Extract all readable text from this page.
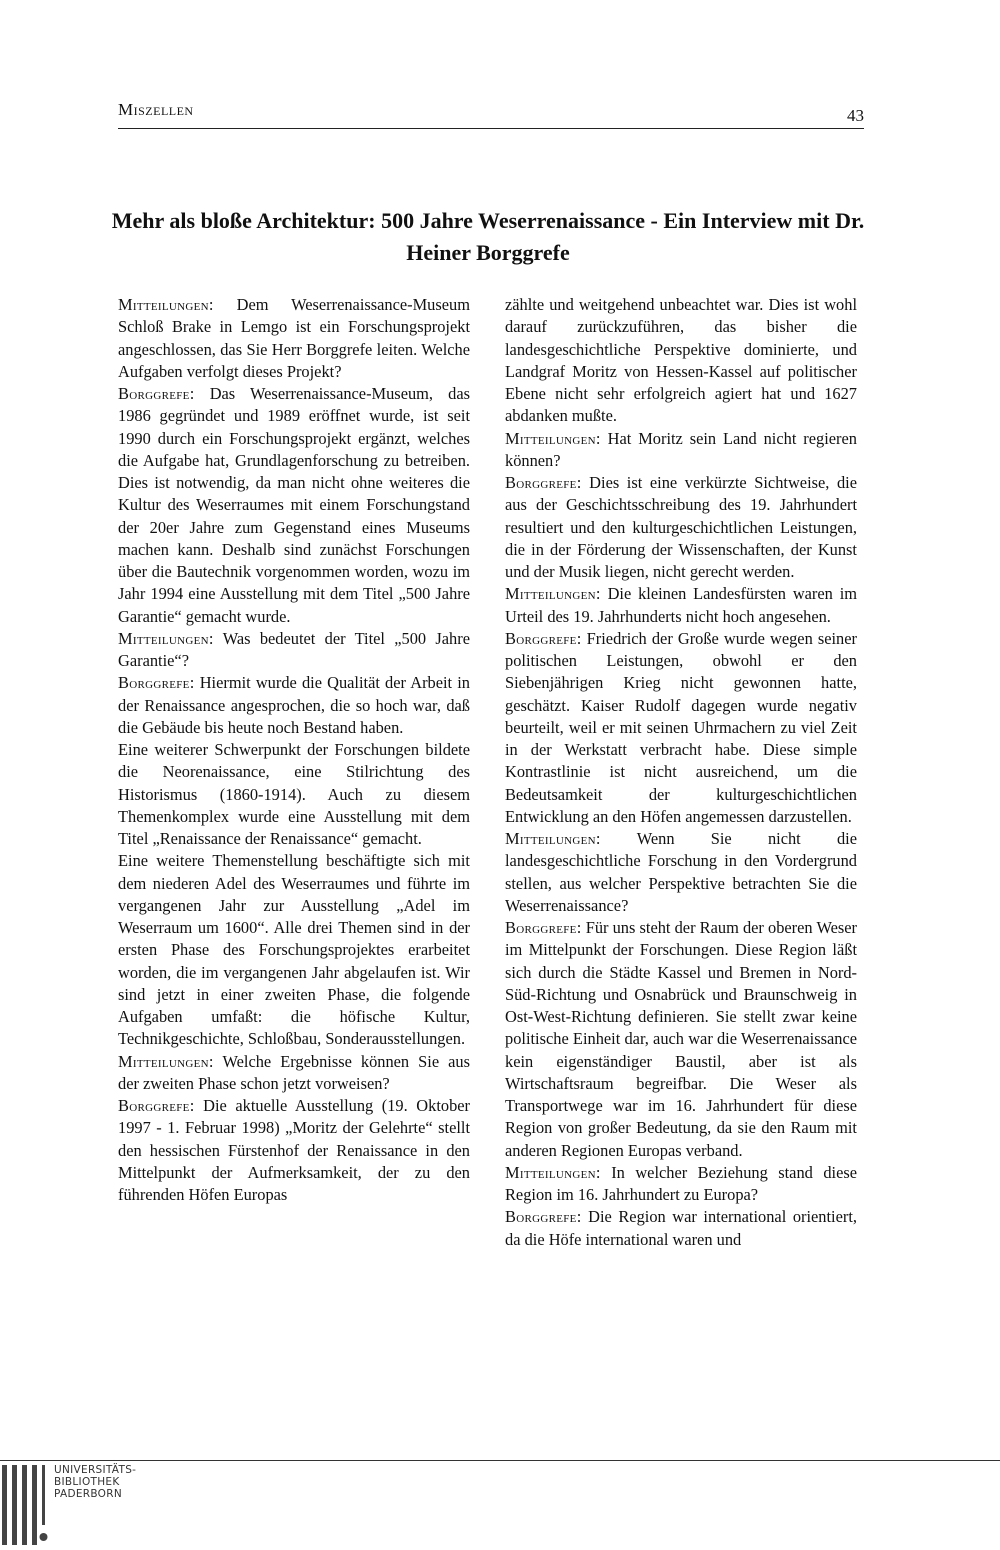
Miszellen	43
Mehr als bloße Architektur: 500 Jahre Weserrenaissance - Ein Interview mit Dr. Heiner Borggrefe

Mitteilungen: Dem Weserrenaissance-Museum Schloß Brake in Lemgo ist ein Forschungsprojekt angeschlossen, das Sie Herr Borggrefe leiten. Welche Aufgaben verfolgt dieses Projekt?

Borggrefe: Das Weserrenaissance-Museum, das 1986 gegründet und 1989 eröffnet wurde, ist seit 1990 durch ein Forschungsprojekt ergänzt, welches die Aufgabe hat, Grundlagenforschung zu betreiben. Dies ist notwendig, da man nicht ohne weiteres die Kultur des Weserraumes mit einem Forschungstand der 20er Jahre zum Gegenstand eines Museums machen kann. Deshalb sind zunächst Forschungen über die Bautechnik vorgenommen worden, wozu im Jahr 1994 eine Ausstellung mit dem Titel „500 Jahre Garantie“ gemacht wurde.

Mitteilungen: Was bedeutet der Titel „500 Jahre Garantie“?

Borggrefe: Hiermit wurde die Qualität der Arbeit in der Renaissance angesprochen, die so hoch war, daß die Gebäude bis heute noch Bestand haben.

Eine weiterer Schwerpunkt der Forschungen bildete die Neorenaissance, eine Stilrichtung des Historismus (1860-1914). Auch zu diesem Themenkomplex wurde eine Ausstellung mit dem Titel „Renaissance der Renaissance“ gemacht.

Eine weitere Themenstellung beschäftigte sich mit dem niederen Adel des Weserraumes und führte im vergangenen Jahr zur Ausstellung „Adel im Weserraum um 1600“. Alle drei Themen sind in der ersten Phase des Forschungsprojektes erarbeitet worden, die im vergangenen Jahr abgelaufen ist. Wir sind jetzt in einer zweiten Phase, die folgende Aufgaben umfaßt: die höfische Kultur, Technikgeschichte, Schloßbau, Sonderausstellungen.

Mitteilungen: Welche Ergebnisse können Sie aus der zweiten Phase schon jetzt vorweisen?

Borggrefe: Die aktuelle Ausstellung (19. Oktober 1997 - 1. Februar 1998) „Moritz der Gelehrte“ stellt den hessischen Fürstenhof der Renaissance in den Mittelpunkt der Aufmerksamkeit, der zu den führenden Höfen Europas

zählte und weitgehend unbeachtet war. Dies ist wohl darauf zurückzuführen, das bisher die landesgeschichtliche Perspektive dominierte, und Landgraf Moritz von Hessen-Kassel auf politischer Ebene nicht sehr erfolgreich agiert hat und 1627 abdanken mußte.

Mitteilungen: Hat Moritz sein Land nicht regieren können?

Borggrefe: Dies ist eine verkürzte Sichtweise, die aus der Geschichtsschreibung des 19. Jahrhundert resultiert und den kulturgeschichtlichen Leistungen, die in der Förderung der Wissenschaften, der Kunst und der Musik liegen, nicht gerecht werden.

Mitteilungen: Die kleinen Landesfürsten waren im Urteil des 19. Jahrhunderts nicht hoch angesehen.

Borggrefe: Friedrich der Große wurde wegen seiner politischen Leistungen, obwohl er den Siebenjährigen Krieg nicht gewonnen hatte, geschätzt. Kaiser Rudolf dagegen wurde negativ beurteilt, weil er mit seinen Uhrmachern zu viel Zeit in der Werkstatt verbracht habe. Diese simple Kontrastlinie ist nicht ausreichend, um die Bedeutsamkeit der kulturgeschichtlichen Entwicklung an den Höfen angemessen darzustellen.

Mitteilungen: Wenn Sie nicht die landesgeschichtliche Forschung in den Vordergrund stellen, aus welcher Perspektive betrachten Sie die Weserrenaissance?

Borggrefe: Für uns steht der Raum der oberen Weser im Mittelpunkt der Forschungen. Diese Region läßt sich durch die Städte Kassel und Bremen in Nord-Süd-Richtung und Osnabrück und Braunschweig in Ost-West-Richtung definieren. Sie stellt zwar keine politische Einheit dar, auch war die Weserrenaissance kein eigenständiger Baustil, aber ist als Wirtschaftsraum begreifbar. Die Weser als Transportwege war im 16. Jahrhundert für diese Region von großer Bedeutung, da sie den Raum mit anderen Regionen Europas verband.

Mitteilungen: In welcher Beziehung stand diese Region im 16. Jahrhundert zu Europa?

Borggrefe: Die Region war international orientiert, da die Höfe international waren und

UNIVERSITÄTS-
BIBLIOTHEK
PADERBORN
